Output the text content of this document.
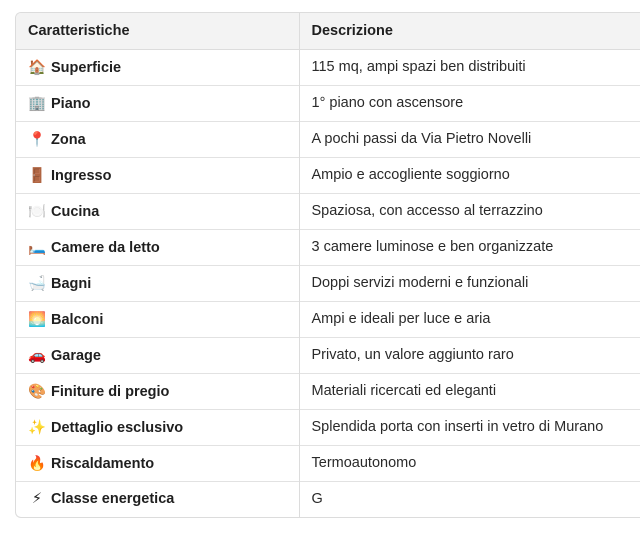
Caratteristiche	Descrizione
🏠 Superficie	115 mq, ampi spazi ben distribuiti
🏢 Piano	1° piano con ascensore
📍 Zona	A pochi passi da Via Pietro Novelli
🚪 Ingresso	Ampio e accogliente soggiorno
🍽️ Cucina	Spaziosa, con accesso al terrazzino
🛏️ Camere da letto	3 camere luminose e ben organizzate
🛁 Bagni	Doppi servizi moderni e funzionali
🌅 Balconi	Ampi e ideali per luce e aria
🚗 Garage	Privato, un valore aggiunto raro
🎨 Finiture di pregio	Materiali ricercati ed eleganti
✨ Dettaglio esclusivo	Splendida porta con inserti in vetro di Murano
🔥 Riscaldamento	Termoautonomo
⚡ Classe energetica	G
